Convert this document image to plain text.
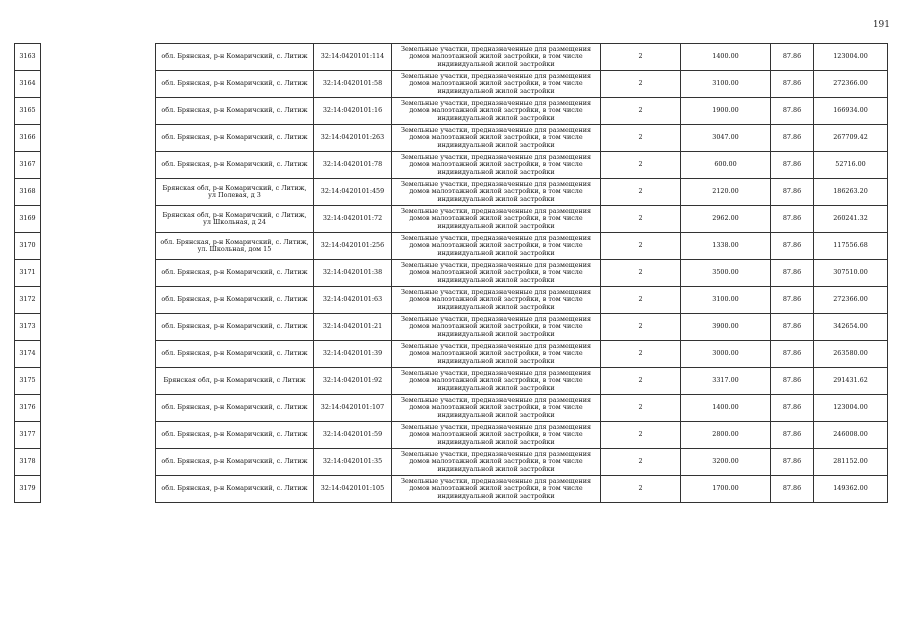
191
3163		обл. Брянская, р-н Комаричский, с. Литиж	32:14:0420101:114	Земельные участки, предназначенные для размещения домов малоэтажной жилой застройки, в том числе индивидуальной жилой застройки	2	1400.00	87.86	123004.00
3164		обл. Брянская, р-н Комаричский, с. Литиж	32:14:0420101:58	Земельные участки, предназначенные для размещения домов малоэтажной жилой застройки, в том числе индивидуальной жилой застройки	2	3100.00	87.86	272366.00
3165		обл. Брянская, р-н Комаричский, с. Литиж	32:14:0420101:16	Земельные участки, предназначенные для размещения домов малоэтажной жилой застройки, в том числе индивидуальной жилой застройки	2	1900.00	87.86	166934.00
3166		обл. Брянская, р-н Комаричский, с. Литиж	32:14:0420101:263	Земельные участки, предназначенные для размещения домов малоэтажной жилой застройки, в том числе индивидуальной жилой застройки	2	3047.00	87.86	267709.42
3167		обл. Брянская, р-н Комаричский, с. Литиж	32:14:0420101:78	Земельные участки, предназначенные для размещения домов малоэтажной жилой застройки, в том числе индивидуальной жилой застройки	2	600.00	87.86	52716.00
3168		Брянская обл, р-н Комаричский, с Литиж, ул Полевая, д 3	32:14:0420101:459	Земельные участки, предназначенные для размещения домов малоэтажной жилой застройки, в том числе индивидуальной жилой застройки	2	2120.00	87.86	186263.20
3169		Брянская обл, р-н Комаричский, с Литиж, ул Школьная, д 24	32:14:0420101:72	Земельные участки, предназначенные для размещения домов малоэтажной жилой застройки, в том числе индивидуальной жилой застройки	2	2962.00	87.86	260241.32
3170		обл. Брянская, р-н Комаричский, с. Литиж, ул. Школьная, дом 15	32:14:0420101:256	Земельные участки, предназначенные для размещения домов малоэтажной жилой застройки, в том числе индивидуальной жилой застройки	2	1338.00	87.86	117556.68
3171		обл. Брянская, р-н Комаричский, с. Литиж	32:14:0420101:38	Земельные участки, предназначенные для размещения домов малоэтажной жилой застройки, в том числе индивидуальной жилой застройки	2	3500.00	87.86	307510.00
3172		обл. Брянская, р-н Комаричский, с. Литиж	32:14:0420101:63	Земельные участки, предназначенные для размещения домов малоэтажной жилой застройки, в том числе индивидуальной жилой застройки	2	3100.00	87.86	272366.00
3173		обл. Брянская, р-н Комаричский, с. Литиж	32:14:0420101:21	Земельные участки, предназначенные для размещения домов малоэтажной жилой застройки, в том числе индивидуальной жилой застройки	2	3900.00	87.86	342654.00
3174		обл. Брянская, р-н Комаричский, с. Литиж	32:14:0420101:39	Земельные участки, предназначенные для размещения домов малоэтажной жилой застройки, в том числе индивидуальной жилой застройки	2	3000.00	87.86	263580.00
3175		Брянская обл, р-н Комаричский, с Литиж	32:14:0420101:92	Земельные участки, предназначенные для размещения домов малоэтажной жилой застройки, в том числе индивидуальной жилой застройки	2	3317.00	87.86	291431.62
3176		обл. Брянская, р-н Комаричский, с. Литиж	32:14:0420101:107	Земельные участки, предназначенные для размещения домов малоэтажной жилой застройки, в том числе индивидуальной жилой застройки	2	1400.00	87.86	123004.00
3177		обл. Брянская, р-н Комаричский, с. Литиж	32:14:0420101:59	Земельные участки, предназначенные для размещения домов малоэтажной жилой застройки, в том числе индивидуальной жилой застройки	2	2800.00	87.86	246008.00
3178		обл. Брянская, р-н Комаричский, с. Литиж	32:14:0420101:35	Земельные участки, предназначенные для размещения домов малоэтажной жилой застройки, в том числе индивидуальной жилой застройки	2	3200.00	87.86	281152.00
3179		обл. Брянская, р-н Комаричский, с. Литиж	32:14:0420101:105	Земельные участки, предназначенные для размещения домов малоэтажной жилой застройки, в том числе индивидуальной жилой застройки	2	1700.00	87.86	149362.00
